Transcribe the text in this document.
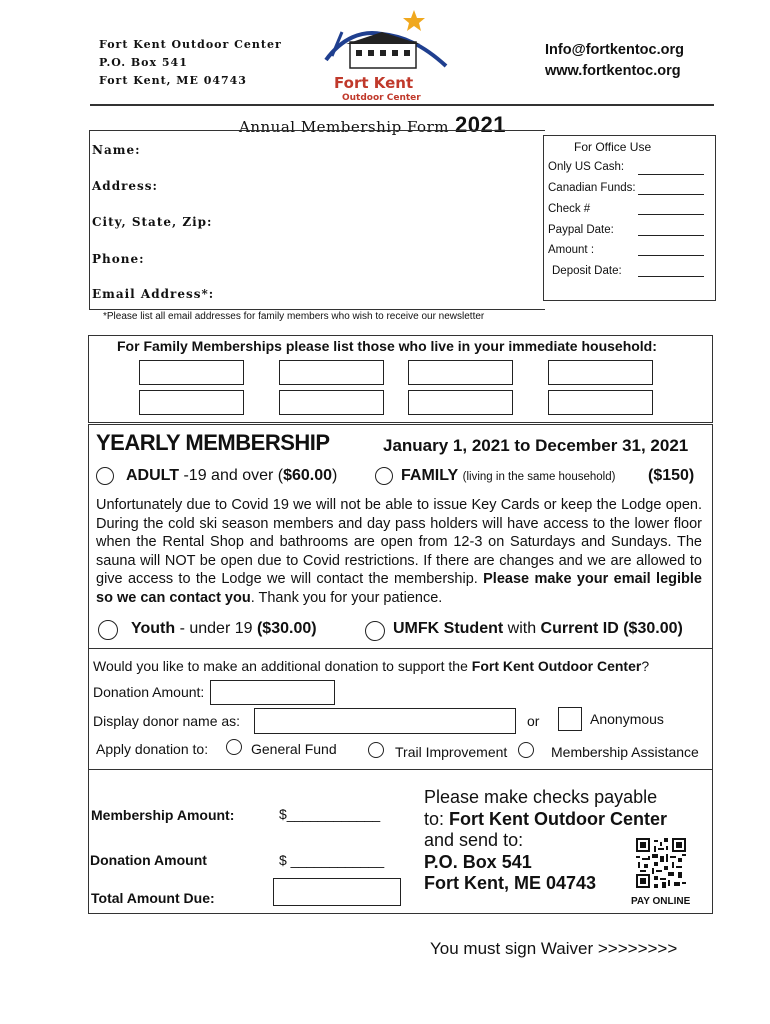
Fort Kent Outdoor Center
P.O. Box 541
Fort Kent, ME 04743	Fort Kent
Outdoor Center
Info@fortkentoc.org
www.fortkentoc.org
Annual Membership Form 2021
Name:
Address:
City, State, Zip:
Phone:
Email Address*:
For Office Use
Only US Cash:
Canadian Funds:
Check #
Paypal Date:
Amount :
Deposit Date:
*Please list all email addresses for family members who wish to receive our newsletter
For Family Memberships please list those who live in your immediate household:
YEARLY MEMBERSHIP	January 1, 2021 to December 31, 2021
ADULT -19 and over ($60.00)	FAMILY (living in the same household) ($150)
Unfortunately due to Covid 19 we will not be able to issue Key Cards or keep the Lodge open. During the cold ski season members and day pass holders will have access to the lower floor when the Rental Shop and bathrooms are open from 12-3 on Saturdays and Sundays. The sauna will NOT be open due to Covid restrictions. If there are changes and we are allowed to give access to the Lodge we will contact the membership. Please make your email legible so we can contact you. Thank you for your patience.
Youth - under 19 ($30.00)	UMFK Student with Current ID ($30.00)
Would you like to make an additional donation to support the Fort Kent Outdoor Center?
Donation Amount:
Display donor name as:	or	Anonymous
Apply donation to:	General Fund	Trail Improvement	Membership Assistance
Membership Amount:	$____________
Donation Amount	$ ____________
Total Amount Due:
Please make checks payable
to: Fort Kent Outdoor Center
and send to:
P.O. Box 541
Fort Kent, ME 04743
PAY ONLINE
You must sign Waiver >>>>>>>>
